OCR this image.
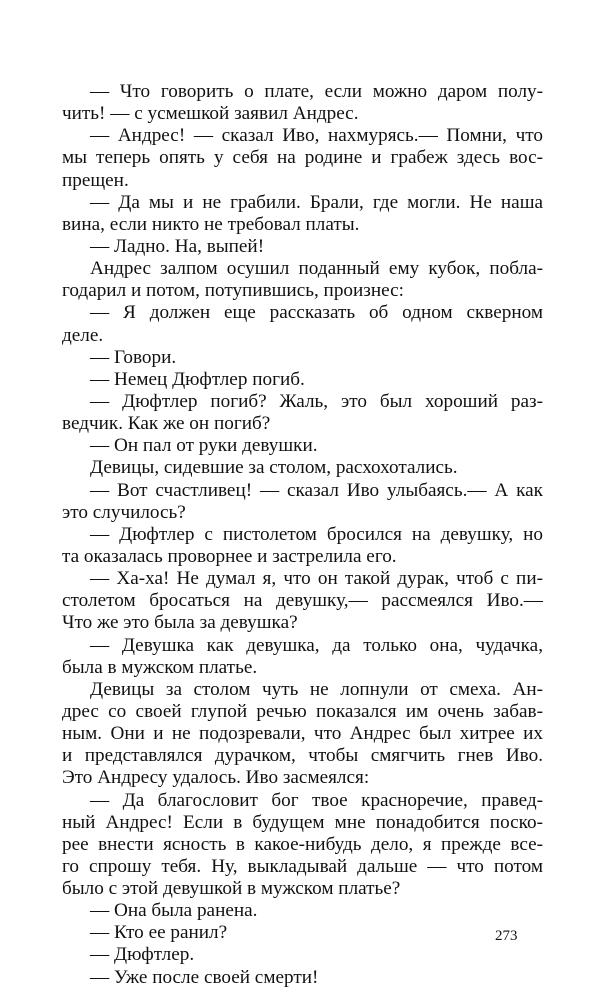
— Что говорить о плате, если можно даром полу-
чить! — с усмешкой заявил Андрес.
— Андрес! — сказал Иво, нахмурясь.— Помни, что
мы теперь опять у себя на родине и грабеж здесь вос-
прещен.
— Да мы и не грабили. Брали, где могли. Не наша
вина, если никто не требовал платы.
— Ладно. На, выпей!
Андрес залпом осушил поданный ему кубок, побла-
годарил и потом, потупившись, произнес:
— Я должен еще рассказать об одном скверном
деле.
— Говори.
— Немец Дюфтлер погиб.
— Дюфтлер погиб? Жаль, это был хороший раз-
ведчик. Как же он погиб?
— Он пал от руки девушки.
Девицы, сидевшие за столом, расхохотались.
— Вот счастливец! — сказал Иво улыбаясь.— А как
это случилось?
— Дюфтлер с пистолетом бросился на девушку, но
та оказалась проворнее и застрелила его.
— Ха-ха! Не думал я, что он такой дурак, чтоб с пи-
столетом бросаться на девушку,— рассмеялся Иво.—
Что же это была за девушка?
— Девушка как девушка, да только она, чудачка,
была в мужском платье.
Девицы за столом чуть не лопнули от смеха. Ан-
дрес со своей глупой речью показался им очень забав-
ным. Они и не подозревали, что Андрес был хитрее их
и представлялся дурачком, чтобы смягчить гнев Иво.
Это Андресу удалось. Иво засмеялся:
— Да благословит бог твое красноречие, правед-
ный Андрес! Если в будущем мне понадобится поско-
рее внести ясность в какое-нибудь дело, я прежде все-
го спрошу тебя. Ну, выкладывай дальше — что потом
было с этой девушкой в мужском платье?
— Она была ранена.
— Кто ее ранил?
— Дюфтлер.
— Уже после своей смерти!
273
